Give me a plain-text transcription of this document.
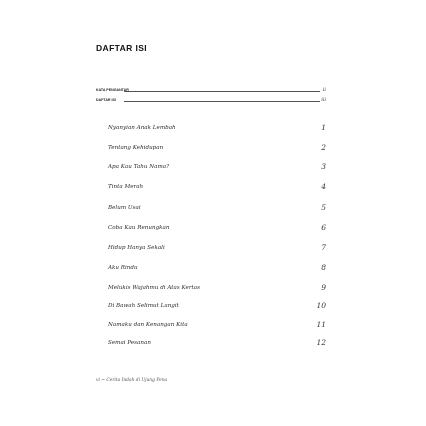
DAFTAR ISI
KATA PENGANTAR	ii
DAFTAR ISI	iii
Nyanyian Anak Lembah	1
Tentang Kehidupan	2
Apa Kau Tahu Nama?	3
Tinta Merah	4
Belum Usai	5
Coba Kau Renungkan	6
Hidup Hanya Sekali	7
Aku Rindu	8
Melukis Wajahmu di Atas Kertas	9
Di Bawah Selimut Langit	10
Namaku dan Kenangan Kita	11
Semai Pesanan	12
vi ~ Cerita Indah di Ujung Pena
